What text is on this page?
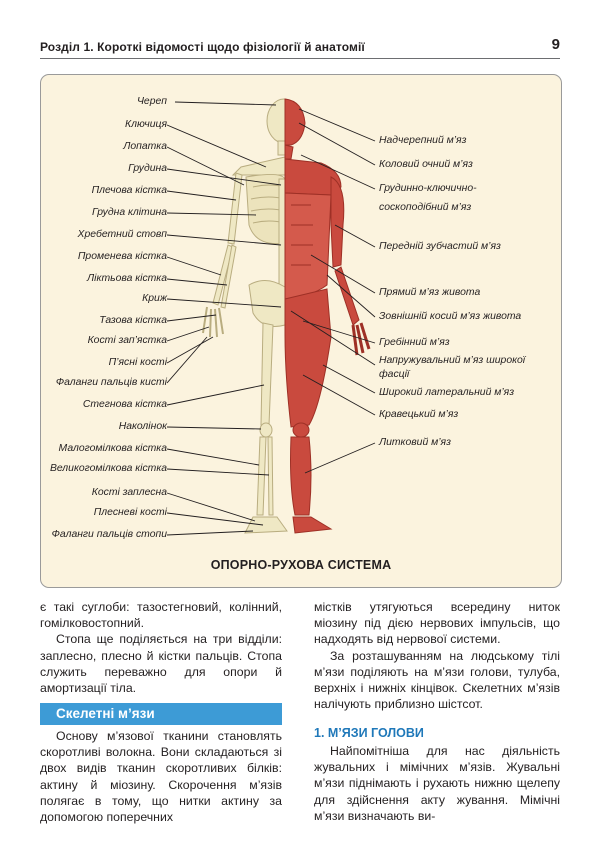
Розділ 1. Короткі відомості щодо фізіології й анатомії	9
Череп
Ключиця
Лопатка
Грудина
Плечова кістка
Грудна клітина
Хребетний стовп
Променева кістка
Ліктьова кістка
Криж
Тазова кістка
Кості зап’ястка
П’ясні кості
Фаланги пальців кисті
Стегнова кістка
Наколінок
Малогомілкова кістка
Великогомілкова кістка
Кості заплесна
Плесневі кості
Фаланги пальців стопи
Надчерепний м’яз
Коловий очний м’яз
Грудинно-ключично-
соскоподібний м’яз
Передній зубчастий м’яз
Прямий м’яз живота
Зовнішній косий м’яз живота
Гребінний м’яз
Напружувальний м’яз широкої
фасції
Широкий латеральний м’яз
Кравецький м’яз
Литковий м’яз
ОПОРНО-РУХОВА СИСТЕМА

є такі суглоби: тазостегновий, колінний, гомілковостопний.

Стопа ще поділяється на три відділи: заплесно, плесно й кістки пальців. Стопа служить переважно для опори й амортизації тіла.

Скелетні м’язи

Основу м’язової тканини становлять скоротливі волокна. Вони складаються зі двох видів тканин скоротливих білків: актину й міозину. Скорочення м’язів полягає в тому, що нитки актину за допомогою поперечних

містків утягуються всередину ниток міозину під дією нервових імпульсів, що надходять від нервової системи.

За розташуванням на людському тілі м’язи поділяють на м’язи голови, тулуба, верхніх і нижніх кінцівок. Скелетних м’язів налічують приблизно шістсот.

1. М’ЯЗИ ГОЛОВИ

Найпомітніша для нас діяльність жувальних і мімічних м’язів. Жувальні м’язи піднімають і рухають нижню щелепу для здійснення акту жування. Мімічні м’язи визначають ви-
